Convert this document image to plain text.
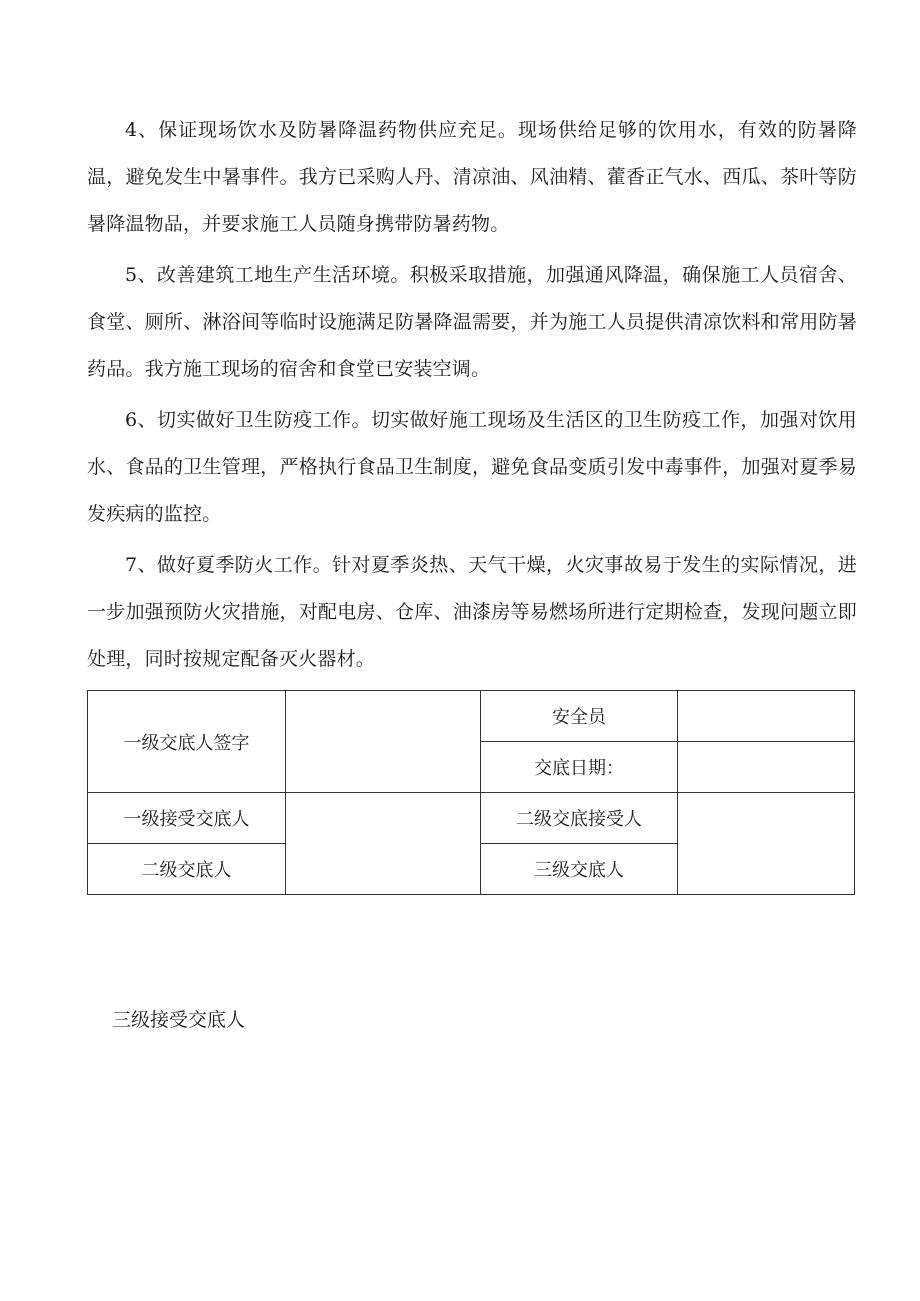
4、保证现场饮水及防暑降温药物供应充足。现场供给足够的饮用水，有效的防暑降温，避免发生中暑事件。我方已采购人丹、清凉油、风油精、藿香正气水、西瓜、茶叶等防暑降温物品，并要求施工人员随身携带防暑药物。

5、改善建筑工地生产生活环境。积极采取措施，加强通风降温，确保施工人员宿舍、食堂、厕所、淋浴间等临时设施满足防暑降温需要，并为施工人员提供清凉饮料和常用防暑药品。我方施工现场的宿舍和食堂已安装空调。

6、切实做好卫生防疫工作。切实做好施工现场及生活区的卫生防疫工作，加强对饮用水、食品的卫生管理，严格执行食品卫生制度，避免食品变质引发中毒事件，加强对夏季易发疾病的监控。

7、做好夏季防火工作。针对夏季炎热、天气干燥，火灾事故易于发生的实际情况，进一步加强预防火灾措施，对配电房、仓库、油漆房等易燃场所进行定期检查，发现问题立即处理，同时按规定配备灭火器材。

一级交底人签字		安全员	
		交底日期：	
一级接受交底人		二级交底接受人	
二级交底人		三级交底人	
三级接受交底人
